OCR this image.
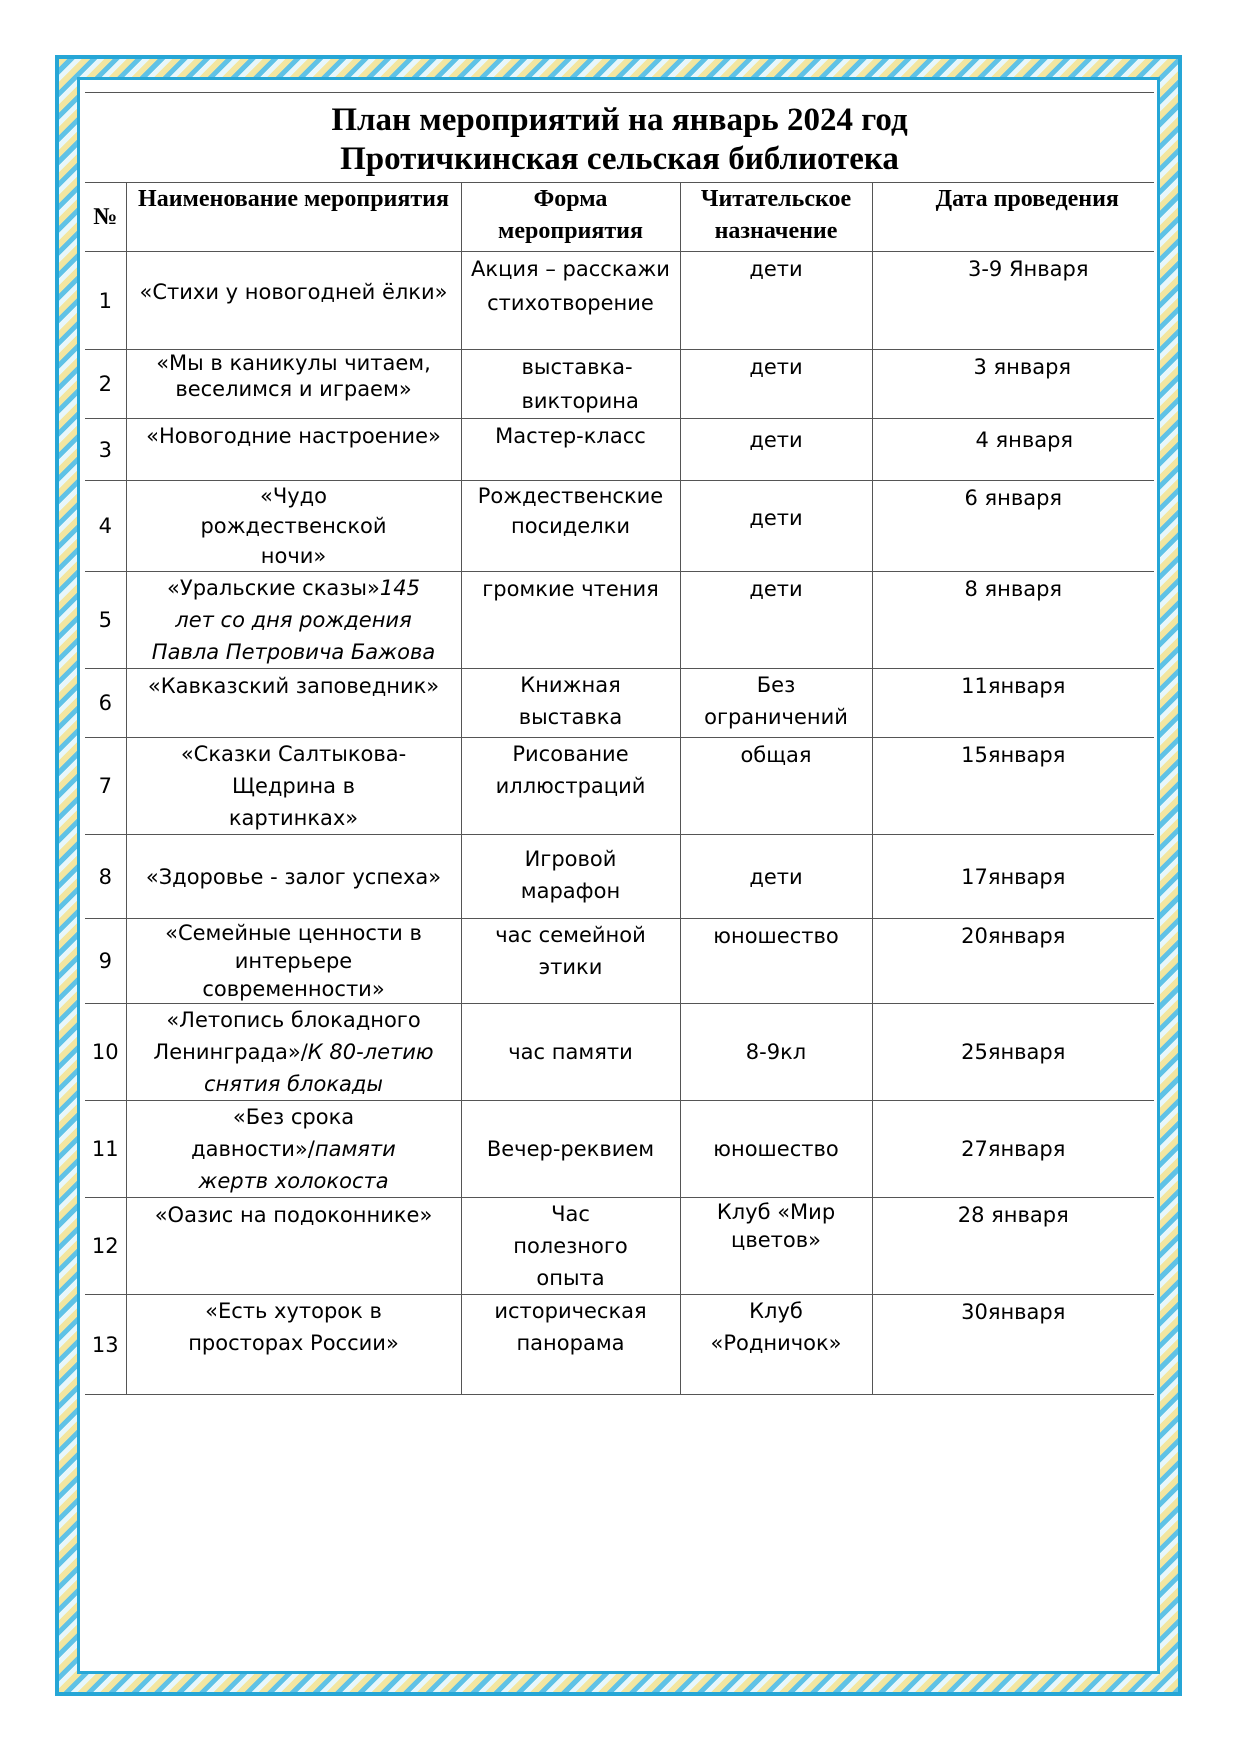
План мероприятий на январь 2024 год
Протичкинская сельская библиотека
№	Наименование мероприятия	Форма мероприятия	Читательское назначение	Дата проведения
1	«Стихи у новогодней ёлки»	Акция – расскажи стихотворение	дети	3-9 Января
2	«Мы в каникулы читаем, веселимся и играем»	выставка-викторина	дети	3 января
3	«Новогодние настроение»	Мастер-класс	дети	4 января
4	«Чудо рождественской ночи»	Рождественские посиделки	дети	6 января
5	«Уральские сказы»145 лет со дня рождения Павла Петровича Бажова	громкие чтения	дети	8 января
6	«Кавказский заповедник»	Книжная выставка	Без ограничений	11января
7	«Сказки Салтыкова-Щедрина в картинках»	Рисование иллюстраций	общая	15января
8	«Здоровье - залог успеха»	Игровой марафон	дети	17января
9	«Семейные ценности в интерьере современности»	час семейной этики	юношество	20января
10	«Летопись блокадного Ленинграда»/К 80-летию снятия блокады	час памяти	8-9кл	25января
11	«Без срока давности»/памяти жертв холокоста	Вечер-реквием	юношество	27января
12	«Оазис на подоконнике»	Час полезного опыта	Клуб «Мир цветов»	28 января
13	«Есть хуторок в просторах России»	историческая панорама	Клуб «Родничок»	30января
